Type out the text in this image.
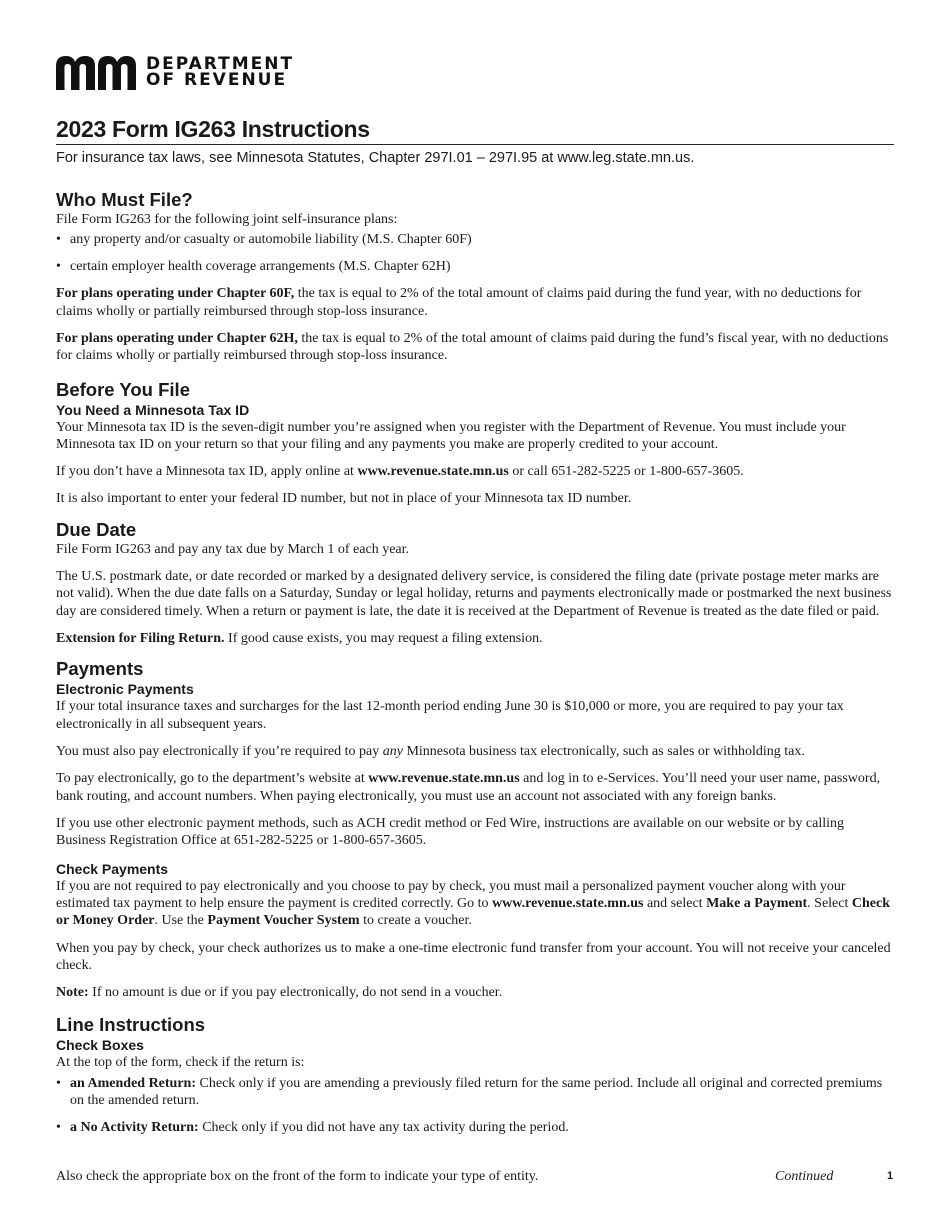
DEPARTMENT
OF REVENUE
2023 Form IG263 Instructions
For insurance tax laws, see Minnesota Statutes, Chapter 297I.01 – 297I.95 at www.leg.state.mn.us.
Who Must File?

File Form IG263 for the following joint self-insurance plans:

• any property and/or casualty or automobile liability (M.S. Chapter 60F)
• certain employer health coverage arrangements (M.S. Chapter 62H)

For plans operating under Chapter 60F, the tax is equal to 2% of the total amount of claims paid during the fund year, with no deductions for claims wholly or partially reimbursed through stop-loss insurance.

For plans operating under Chapter 62H, the tax is equal to 2% of the total amount of claims paid during the fund’s fiscal year, with no deductions for claims wholly or partially reimbursed through stop-loss insurance.

Before You File
You Need a Minnesota Tax ID

Your Minnesota tax ID is the seven-digit number you’re assigned when you register with the Department of Revenue. You must include your Minnesota tax ID on your return so that your filing and any payments you make are properly credited to your account.

If you don’t have a Minnesota tax ID, apply online at www.revenue.state.mn.us or call 651-282-5225 or 1-800-657-3605.

It is also important to enter your federal ID number, but not in place of your Minnesota tax ID number.

Due Date

File Form IG263 and pay any tax due by March 1 of each year.

The U.S. postmark date, or date recorded or marked by a designated delivery service, is considered the filing date (private postage meter marks are not valid). When the due date falls on a Saturday, Sunday or legal holiday, returns and payments electronically made or postmarked the next business day are considered timely. When a return or payment is late, the date it is received at the Department of Revenue is treated as the date filed or paid.

Extension for Filing Return. If good cause exists, you may request a filing extension.

Payments
Electronic Payments

If your total insurance taxes and surcharges for the last 12-month period ending June 30 is $10,000 or more, you are required to pay your tax electronically in all subsequent years.

You must also pay electronically if you’re required to pay any Minnesota business tax electronically, such as sales or withholding tax.

To pay electronically, go to the department’s website at www.revenue.state.mn.us and log in to e-Services. You’ll need your user name, password, bank routing, and account numbers. When paying electronically, you must use an account not associated with any foreign banks.

If you use other electronic payment methods, such as ACH credit method or Fed Wire, instructions are available on our website or by calling Business Registration Office at 651-282-5225 or 1-800-657-3605.

Check Payments

If you are not required to pay electronically and you choose to pay by check, you must mail a personalized payment voucher along with your estimated tax payment to help ensure the payment is credited correctly. Go to www.revenue.state.mn.us and select Make a Payment. Select Check or Money Order. Use the Payment Voucher System to create a voucher.

When you pay by check, your check authorizes us to make a one-time electronic fund transfer from your account. You will not receive your canceled check.

Note: If no amount is due or if you pay electronically, do not send in a voucher.

Line Instructions
Check Boxes

At the top of the form, check if the return is:

• an Amended Return: Check only if you are amending a previously filed return for the same period. Include all original and corrected premiums on the amended return.
• a No Activity Return: Check only if you did not have any tax activity during the period.
Also check the appropriate box on the front of the form to indicate your type of entity.	Continued	1
